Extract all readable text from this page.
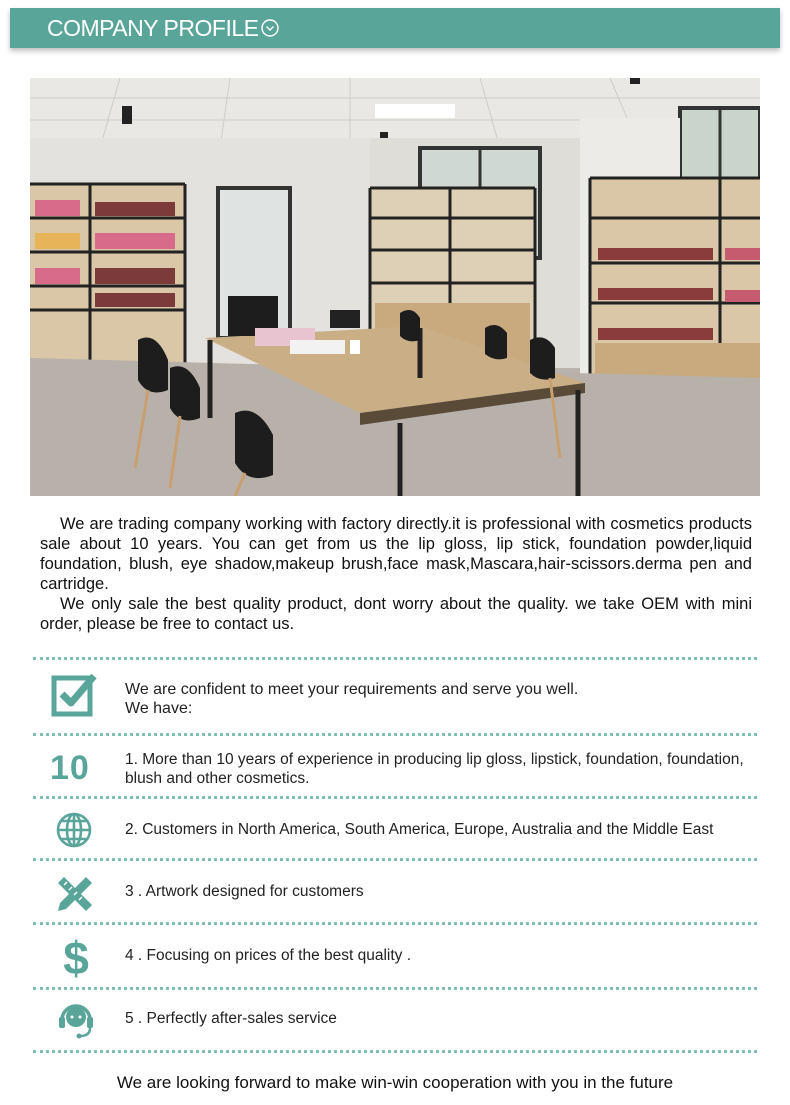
COMPANY PROFILE

We are trading company working with factory directly.it is professional with cosmetics products sale about 10 years. You can get from us the lip gloss, lip stick, foundation powder,liquid foundation, blush, eye shadow,makeup brush,face mask,Mascara,hair-scissors.derma pen and cartridge.

We only sale the best quality product, dont worry about the quality. we take OEM with mini order, please be free to contact us.

We are confident to meet your requirements and serve you well.
We have:
10 1. More than 10 years of experience in producing lip gloss, lipstick, foundation, foundation, blush and other cosmetics.
2. Customers in North America, South America, Europe, Australia and the Middle East
3 . Artwork designed for customers
$ 4 . Focusing on prices of the best quality .
5 . Perfectly after-sales service
We are looking forward to make win-win cooperation with you in the future
